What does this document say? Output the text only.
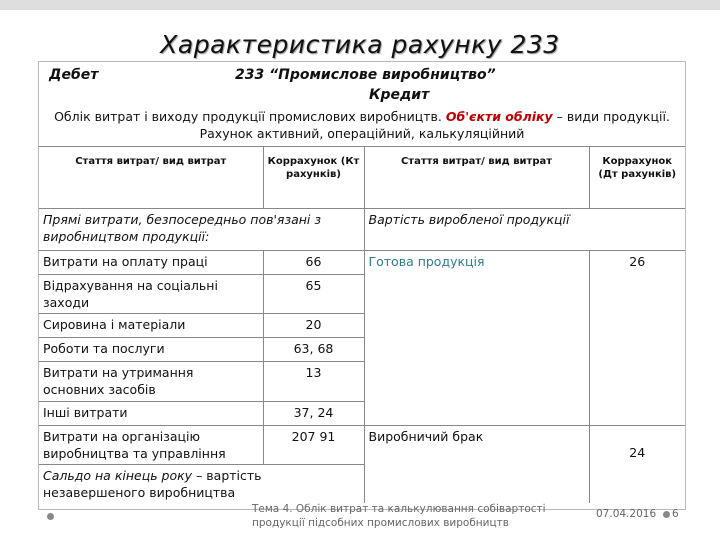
Характеристика рахунку 233
Дебет	233 “Промислове виробництво”
Кредит
Облік витрат і виходу продукції промислових виробництв. Об'єкти обліку – види продукції. Рахунок активний, операційний, калькуляційний
Стаття витрат/ вид витрат	Коррахунок (Кт рахунків)	Стаття витрат/ вид витрат	Коррахунок (Дт рахунків)
Прямі витрати, безпосередньо пов'язані з виробництвом продукції:		Вартість виробленої продукції	
Витрати на оплату праці	66	Готова продукція	26
Відрахування на соціальні заходи	65		
Сировина і матеріали	20		
Роботи та послуги	63, 68		
Витрати на утримання основних засобів	13		
Інші витрати	37, 24		
Витрати на організацію виробництва та управління	207 91	Виробничий брак	24
Сальдо на кінець року – вартість незавершеного виробництва			
Тема 4. Облік витрат та калькулювання собівартості продукції підсобних промислових виробництв
07.04.2016 6
